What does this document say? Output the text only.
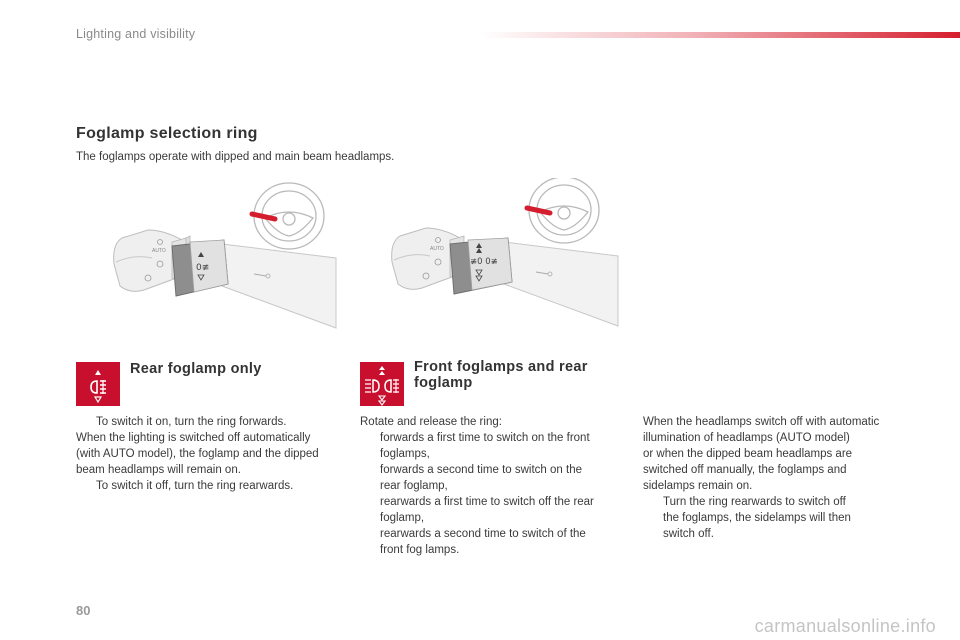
Lighting and visibility
Foglamp selection ring
The foglamps operate with dipped and main beam headlamps.
AUTO
0≢
AUTO
≢0 0≢
Rear foglamp only	Front foglamps and rear
foglamp

To switch it on, turn the ring forwards.

When the lighting is switched off automatically

(with AUTO model), the foglamp and the dipped

beam headlamps will remain on.

To switch it off, turn the ring rearwards.

Rotate and release the ring:

forwards a first time to switch on the front

foglamps,

forwards a second time to switch on the

rear foglamp,

rearwards a first time to switch off the rear

foglamp,

rearwards a second time to switch of the

front fog lamps.

When the headlamps switch off with automatic

illumination of headlamps (AUTO model)

or when the dipped beam headlamps are

switched off manually, the foglamps and

sidelamps remain on.

Turn the ring rearwards to switch off

the foglamps, the sidelamps will then

switch off.

80
carmanualsonline.info
